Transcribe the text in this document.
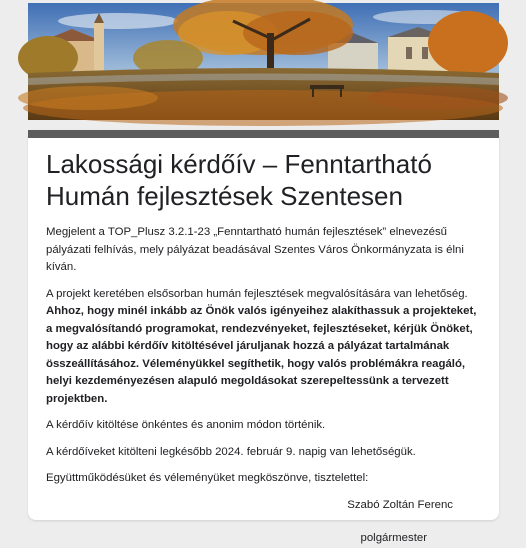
Lakossági kérdőív – Fenntartható Humán fejlesztések Szentesen

Megjelent a TOP_Plusz 3.2.1-23 „Fenntartható humán fejlesztések” elnevezésű pályázati felhívás, mely pályázat beadásával Szentes Város Önkormányzata is élni kíván.

A projekt keretében elsősorban humán fejlesztések megvalósítására van lehetőség. Ahhoz, hogy minél inkább az Önök valós igényeihez alakíthassuk a projekteket, a megvalósítandó programokat, rendezvényeket, fejlesztéseket, kérjük Önöket, hogy az alábbi kérdőív kitöltésével járuljanak hozzá a pályázat tartalmának összeállításához. Véleményükkel segíthetik, hogy valós problémákra reagáló, helyi kezdeményezésen alapuló megoldásokat szerepeltessünk a tervezett projektben.

A kérdőív kitöltése önkéntes és anonim módon történik.

A kérdőíveket kitölteni legkésőbb 2024. február 9. napig van lehetőségük.

Együttműködésüket és véleményüket megköszönve, tisztelettel:

Szabó Zoltán Ferenc

polgármester
